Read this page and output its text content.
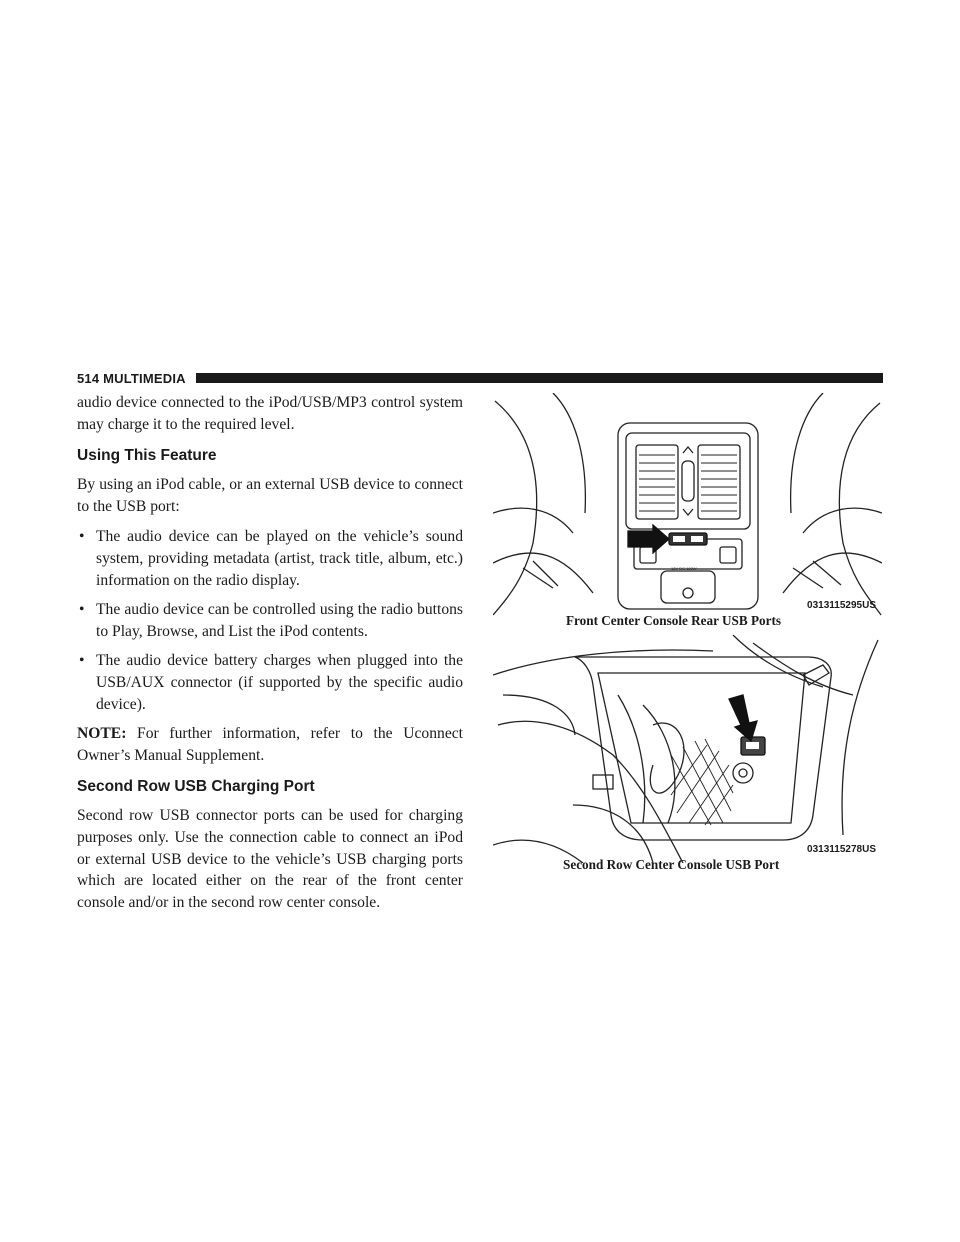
514 MULTIMEDIA

audio device connected to the iPod/USB/MP3 control system may charge it to the required level.

Using This Feature

By using an iPod cable, or an external USB device to connect to the USB port:

• The audio device can be played on the vehicle’s sound system, providing metadata (artist, track title, album, etc.) information on the radio display.
• The audio device can be controlled using the radio buttons to Play, Browse, and List the iPod contents.
• The audio device battery charges when plugged into the USB/AUX connector (if supported by the specific audio device).

NOTE: For further information, refer to the Uconnect Owner’s Manual Supplement.

Second Row USB Charging Port

Second row USB connector ports can be used for charging purposes only. Use the connection cable to connect an iPod or external USB device to the vehicle’s USB charging ports which are located either on the rear of the front center console and/or in the second row center console.

0313115295US
12V DC 180W
Front Center Console Rear USB Ports
0313115278US
Second Row Center Console USB Port
